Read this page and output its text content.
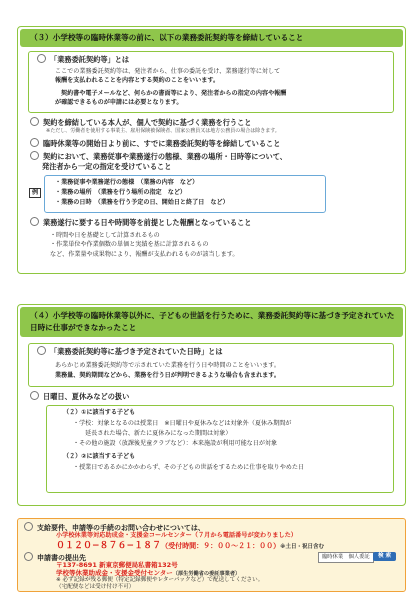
（３）小学校等の臨時休業等の前に、以下の業務委託契約等を締結していること
「業務委託契約等」とは
ここでの業務委託契約等は、発注者から、仕事の委託を受け、業務遂行等に対して
報酬を支払われることを内容とする契約のことをいいます。
契約書や電子メールなど、何らかの書面等により、発注者からの指定の内容や報酬
が確認できるものが申請には必要となります。
契約を締結している本人が、個人で契約に基づく業務を行うこと
※ただし、労働者を使用する事業主、雇用保険被保険者、国家公務員又は地方公務員の場合は除きます。
臨時休業等の開始日より前に、すでに業務委託契約等を締結していること
契約において、業務従事や業務遂行の態様、業務の場所・日時等について、
発注者から一定の指定を受けていること
例
・業務従事や業務遂行の態様　（業務の内容　など）
・業務の場所　（業務を行う場所の指定　など）
・業務の日時　（業務を行う予定の日、開始日と終了日　など）
業務遂行に要する日や時間等を前提とした報酬となっていること
・時間や日を基礎として計算されるもの
・作業単位や作業個数の単価と実績を基に計算されるもの
など、作業量や成果物により、報酬が支払われるものが該当します。
（４）小学校等の臨時休業等以外に、子どもの世話を行うために、業務委託契約等に基づき予定されていた日時に仕事ができなかったこと
「業務委託契約等に基づき予定されていた日時」とは
あらかじめ業務委託契約等で示されていた業務を行う日や時間のことをいいます。
業務量、契約期間などから、業務を行う日が判明できるような場合も含まれます。
日曜日、夏休みなどの扱い
（２）①に該当する子ども
・学校：対象となるのは授業日　※日曜日や夏休みなどは対象外（夏休み期間が
　　延長された場合、新たに夏休みになった期間は対象）
・その他の施設（放課後児童クラブなど）：本来施設が利用可能な日が対象
（２）②に該当する子ども
・授業日であるかにかかわらず、その子どもの世話をするために仕事を取りやめた日
支給要件、申請等の手続のお問い合わせについては、
小学校休業等対応助成金・支援金コールセンター（７月から電話番号が変わりました）
０１２０−８７６−１８７（受付時間：９：００〜２１：００）※土日・祝日含む
臨時休業　個人委託	検 索
申請書の提出先
〒137-8691 新東京郵便局私書箱132号
学校等休業助成金・支援金受付センター（厚生労働省の委託事業者）
※ 必ず記録が残る郵便（特定記録郵便やレターパックなど）で配送してください。
（宅配便などは受け付け不可）
